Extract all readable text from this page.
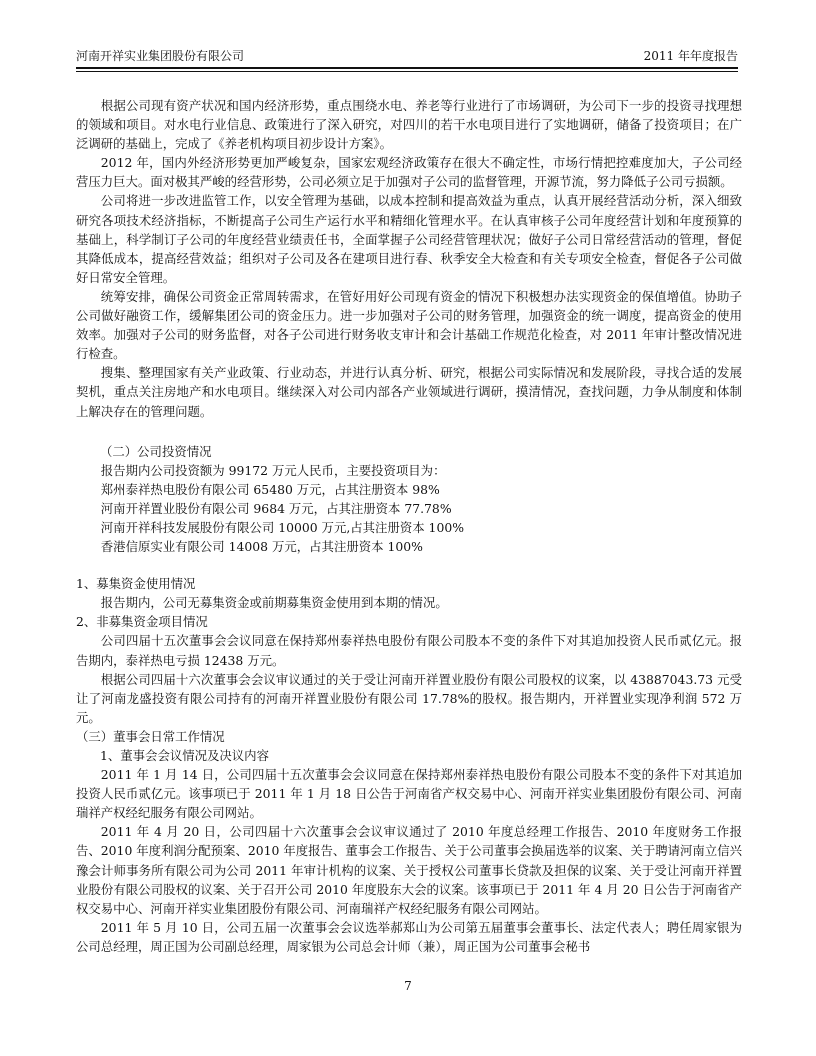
河南开祥实业集团股份有限公司	2011 年年度报告

根据公司现有资产状况和国内经济形势，重点围绕水电、养老等行业进行了市场调研，为公司下一步的投资寻找理想的领域和项目。对水电行业信息、政策进行了深入研究，对四川的若干水电项目进行了实地调研，储备了投资项目；在广泛调研的基础上，完成了《养老机构项目初步设计方案》。

2012 年，国内外经济形势更加严峻复杂，国家宏观经济政策存在很大不确定性，市场行情把控难度加大，子公司经营压力巨大。面对极其严峻的经营形势，公司必须立足于加强对子公司的监督管理，开源节流，努力降低子公司亏损额。

公司将进一步改进监管工作，以安全管理为基础，以成本控制和提高效益为重点，认真开展经营活动分析，深入细致研究各项技术经济指标，不断提高子公司生产运行水平和精细化管理水平。在认真审核子公司年度经营计划和年度预算的基础上，科学制订子公司的年度经营业绩责任书，全面掌握子公司经营管理状况；做好子公司日常经营活动的管理，督促其降低成本，提高经营效益；组织对子公司及各在建项目进行春、秋季安全大检查和有关专项安全检查，督促各子公司做好日常安全管理。

统筹安排，确保公司资金正常周转需求，在管好用好公司现有资金的情况下积极想办法实现资金的保值增值。协助子公司做好融资工作，缓解集团公司的资金压力。进一步加强对子公司的财务管理，加强资金的统一调度，提高资金的使用效率。加强对子公司的财务监督，对各子公司进行财务收支审计和会计基础工作规范化检查，对 2011 年审计整改情况进行检查。

搜集、整理国家有关产业政策、行业动态，并进行认真分析、研究，根据公司实际情况和发展阶段，寻找合适的发展契机，重点关注房地产和水电项目。继续深入对公司内部各产业领域进行调研，摸清情况，查找问题，力争从制度和体制上解决存在的管理问题。

（二）公司投资情况

报告期内公司投资额为 99172 万元人民币，主要投资项目为：

郑州泰祥热电股份有限公司 65480 万元，占其注册资本 98%

河南开祥置业股份有限公司 9684 万元，占其注册资本 77.78%

河南开祥科技发展股份有限公司 10000 万元,占其注册资本 100%

香港信原实业有限公司 14008 万元，占其注册资本 100%

1、募集资金使用情况

报告期内，公司无募集资金或前期募集资金使用到本期的情况。

2、非募集资金项目情况

公司四届十五次董事会会议同意在保持郑州泰祥热电股份有限公司股本不变的条件下对其追加投资人民币贰亿元。报告期内，泰祥热电亏损 12438 万元。

根据公司四届十六次董事会会议审议通过的关于受让河南开祥置业股份有限公司股权的议案，以 43887043.73 元受让了河南龙盛投资有限公司持有的河南开祥置业股份有限公司 17.78%的股权。报告期内，开祥置业实现净利润 572 万元。

（三）董事会日常工作情况

1、董事会会议情况及决议内容

2011 年 1 月 14 日，公司四届十五次董事会会议同意在保持郑州泰祥热电股份有限公司股本不变的条件下对其追加投资人民币贰亿元。该事项已于 2011 年 1 月 18 日公告于河南省产权交易中心、河南开祥实业集团股份有限公司、河南瑞祥产权经纪服务有限公司网站。

2011 年 4 月 20 日，公司四届十六次董事会会议审议通过了 2010 年度总经理工作报告、2010 年度财务工作报告、2010 年度利润分配预案、2010 年度报告、董事会工作报告、关于公司董事会换届选举的议案、关于聘请河南立信兴豫会计师事务所有限公司为公司 2011 年审计机构的议案、关于授权公司董事长贷款及担保的议案、关于受让河南开祥置业股份有限公司股权的议案、关于召开公司 2010 年度股东大会的议案。该事项已于 2011 年 4 月 20 日公告于河南省产权交易中心、河南开祥实业集团股份有限公司、河南瑞祥产权经纪服务有限公司网站。

2011 年 5 月 10 日，公司五届一次董事会会议选举郝郑山为公司第五届董事会董事长、法定代表人；聘任周家银为公司总经理，周正国为公司副总经理，周家银为公司总会计师（兼），周正国为公司董事会秘书

7
